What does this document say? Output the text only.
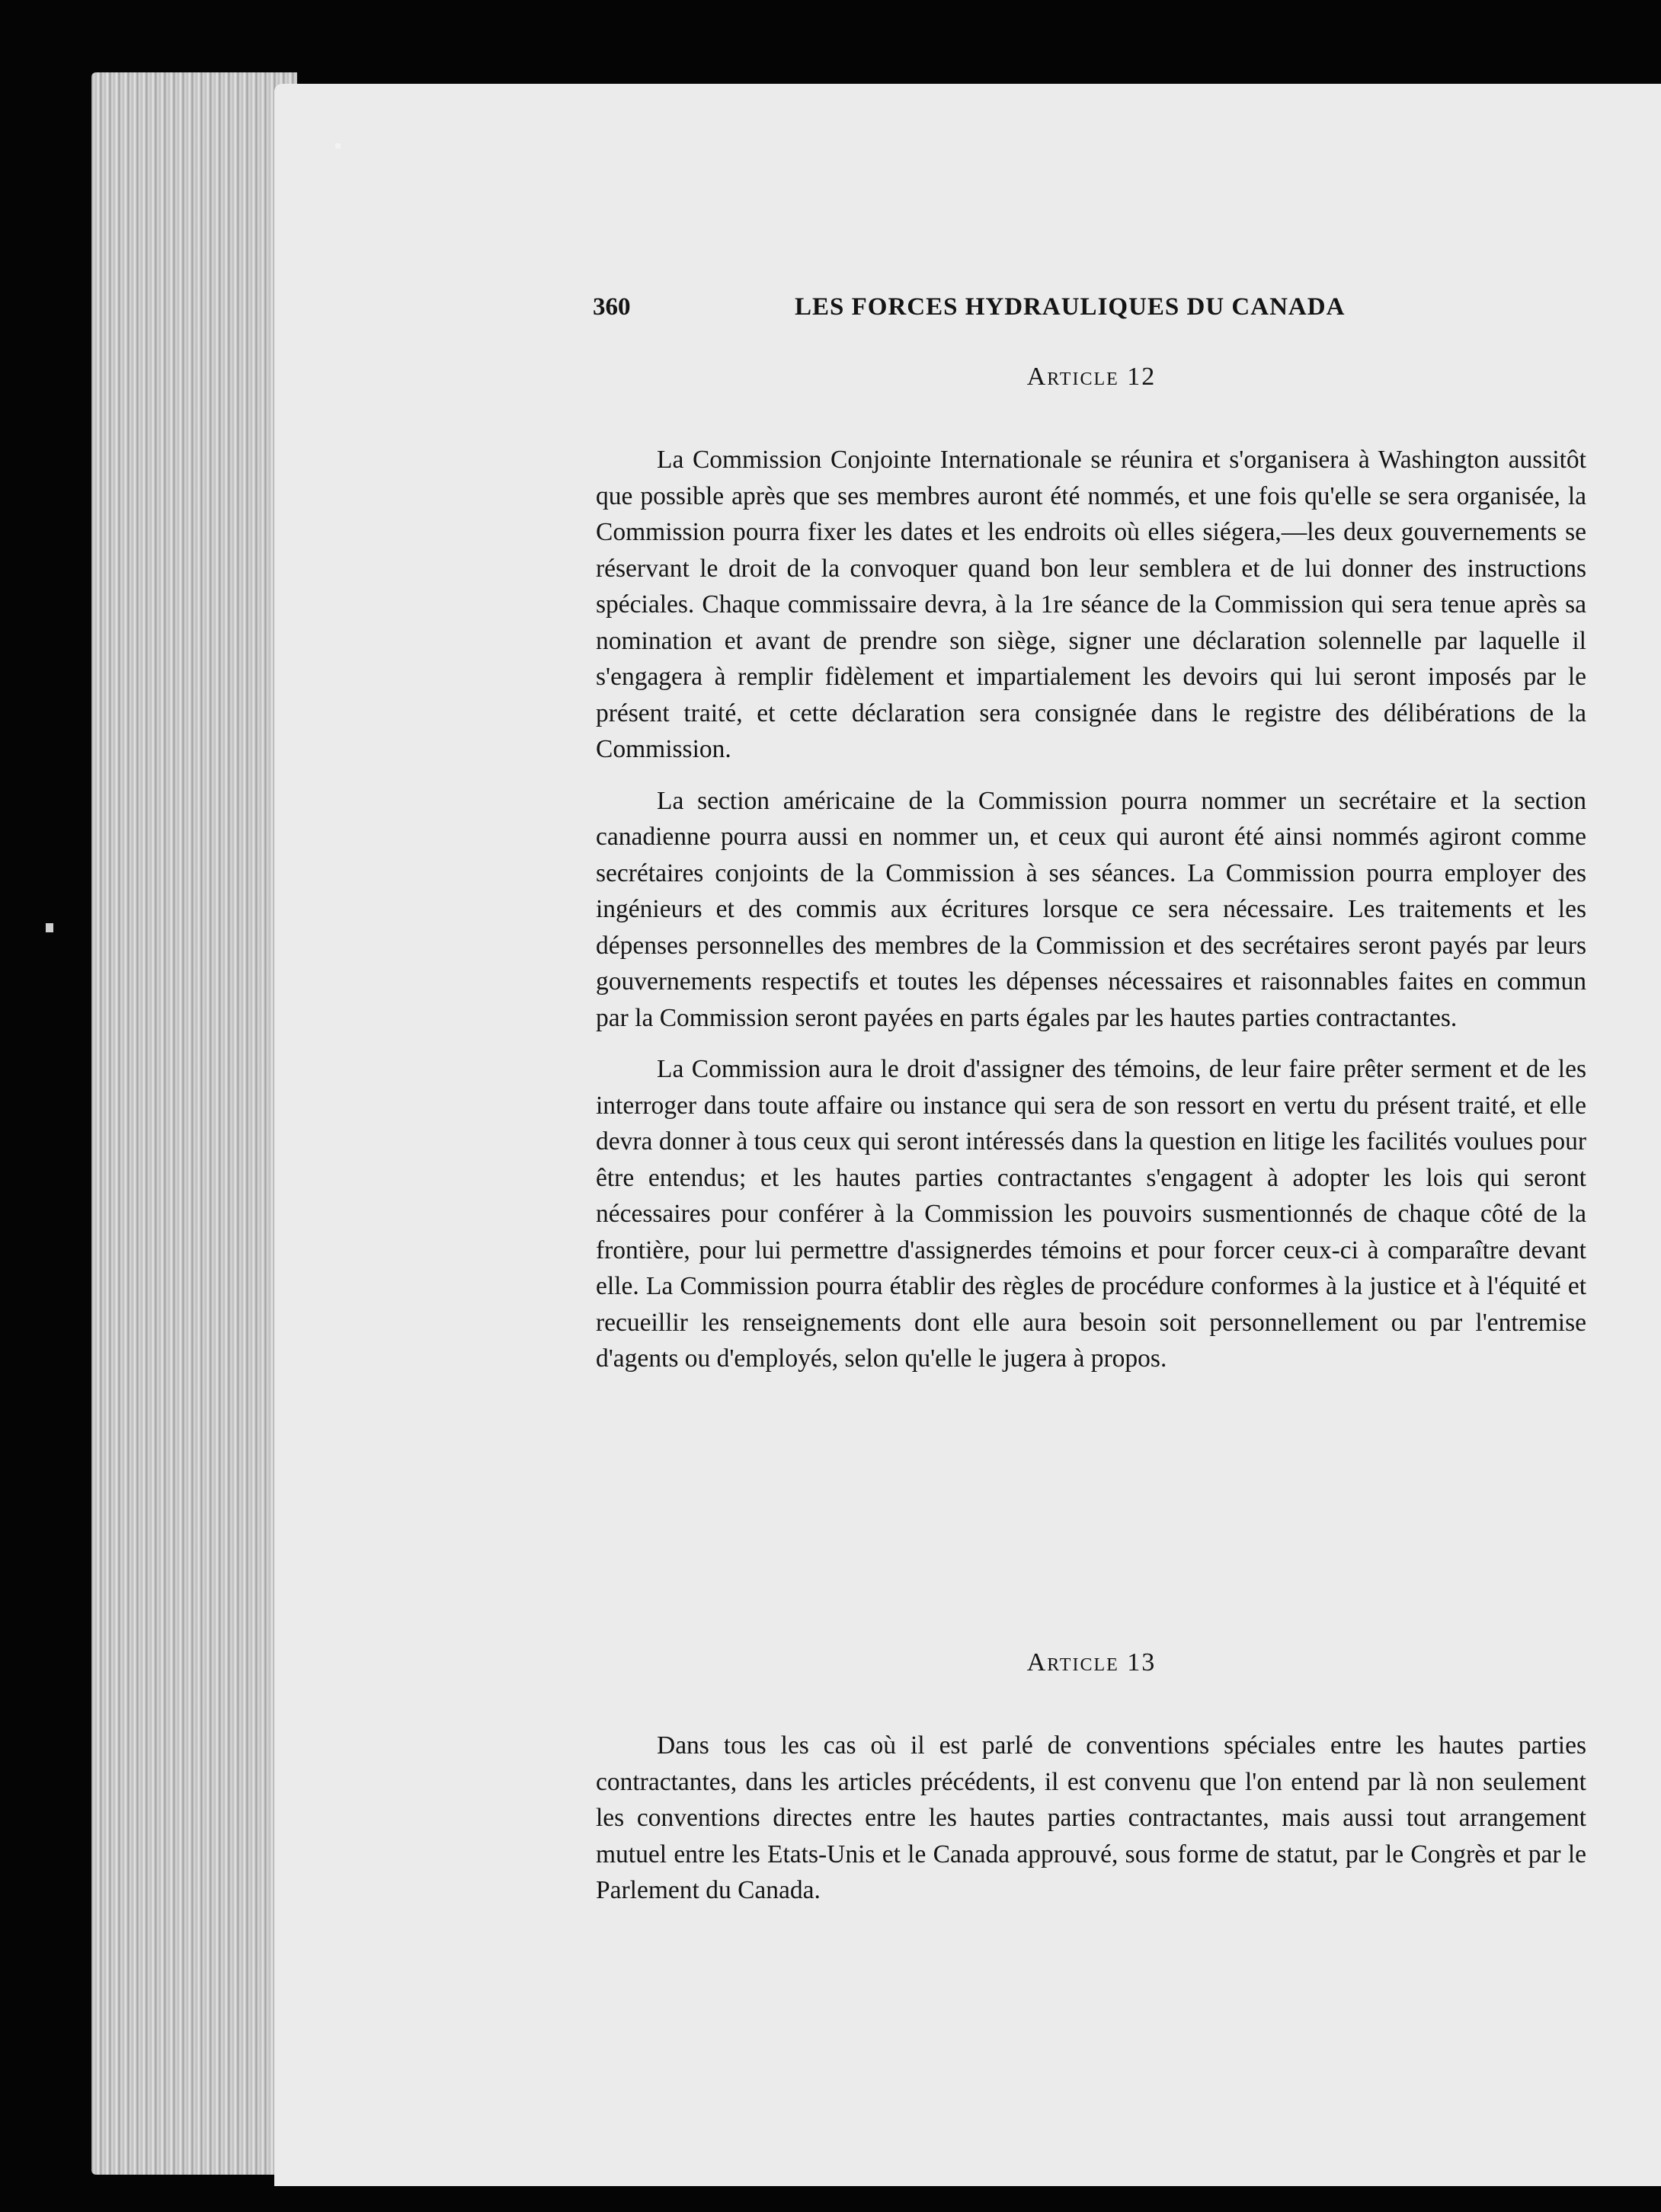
360	LES FORCES HYDRAULIQUES DU CANADA
Article 12

La Commission Conjointe Internationale se réunira et s'organisera à Washington aussitôt que possible après que ses membres auront été nommés, et une fois qu'elle se sera organisée, la Commission pourra fixer les dates et les endroits où elles siégera,—les deux gouvernements se réservant le droit de la convoquer quand bon leur semblera et de lui donner des instructions spéciales. Chaque commissaire devra, à la 1re séance de la Commission qui sera tenue après sa nomination et avant de prendre son siège, signer une déclaration solennelle par laquelle il s'engagera à remplir fidèlement et impartialement les devoirs qui lui seront imposés par le présent traité, et cette déclaration sera consignée dans le registre des délibérations de la Commission.

La section américaine de la Commission pourra nommer un secrétaire et la section canadienne pourra aussi en nommer un, et ceux qui auront été ainsi nommés agiront comme secrétaires conjoints de la Commission à ses séances. La Commission pourra employer des ingénieurs et des commis aux écritures lorsque ce sera nécessaire. Les traitements et les dépenses personnelles des membres de la Commission et des secrétaires seront payés par leurs gouvernements respectifs et toutes les dépenses nécessaires et raisonnables faites en commun par la Commission seront payées en parts égales par les hautes parties contractantes.

La Commission aura le droit d'assigner des témoins, de leur faire prêter serment et de les interroger dans toute affaire ou instance qui sera de son ressort en vertu du présent traité, et elle devra donner à tous ceux qui seront intéressés dans la question en litige les facilités voulues pour être entendus; et les hautes parties contractantes s'engagent à adopter les lois qui seront nécessaires pour conférer à la Commission les pouvoirs susmentionnés de chaque côté de la frontière, pour lui permettre d'assignerdes témoins et pour forcer ceux-ci à comparaître devant elle. La Commission pourra établir des règles de procédure conformes à la justice et à l'équité et recueillir les renseignements dont elle aura besoin soit personnellement ou par l'entremise d'agents ou d'employés, selon qu'elle le jugera à propos.

Article 13

Dans tous les cas où il est parlé de conventions spéciales entre les hautes parties contractantes, dans les articles précédents, il est convenu que l'on entend par là non seulement les conventions directes entre les hautes parties contractantes, mais aussi tout arrangement mutuel entre les Etats-Unis et le Canada approuvé, sous forme de statut, par le Congrès et par le Parlement du Canada.
